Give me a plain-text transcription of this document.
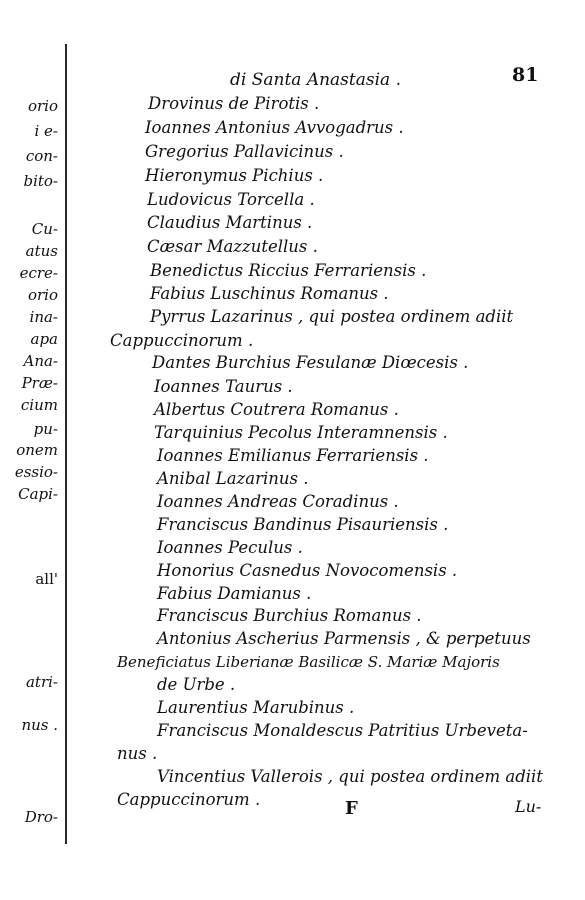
orio
i e-
con-
bito-
Cu-
atus
ecre-
orio
ina-
apa
Ana-
Præ-
cium
pu-
onem
essio-
Capi-
all'
atri-
nus .
Dro-
di Santa Anastasia .	81
Drovinus de Pirotis .
Ioannes Antonius Avvogadrus .
Gregorius Pallavicinus .
Hieronymus Pichius .
Ludovicus Torcella .
Claudius Martinus .
Cæsar Mazzutellus .
Benedictus Riccius Ferrariensis .
Fabius Luschinus Romanus .
Pyrrus Lazarinus , qui postea ordinem adiit
Cappuccinorum .
Dantes Burchius Fesulanæ Diœcesis .
Ioannes Taurus .
Albertus Coutrera Romanus .
Tarquinius Pecolus Interamnensis .
Ioannes Emilianus Ferrariensis .
Anibal Lazarinus .
Ioannes Andreas Coradinus .
Franciscus Bandinus Pisauriensis .
Ioannes Peculus .
Honorius Casnedus Novocomensis .
Fabius Damianus .
Franciscus Burchius Romanus .
Antonius Ascherius Parmensis , & perpetuus
Beneficiatus Liberianæ Basilicæ S. Mariæ Majoris
de Urbe .
Laurentius Marubinus .
Franciscus Monaldescus Patritius Urbeveta-
nus .
Vincentius Vallerois , qui postea ordinem adiit
Cappuccinorum .	F	Lu-
